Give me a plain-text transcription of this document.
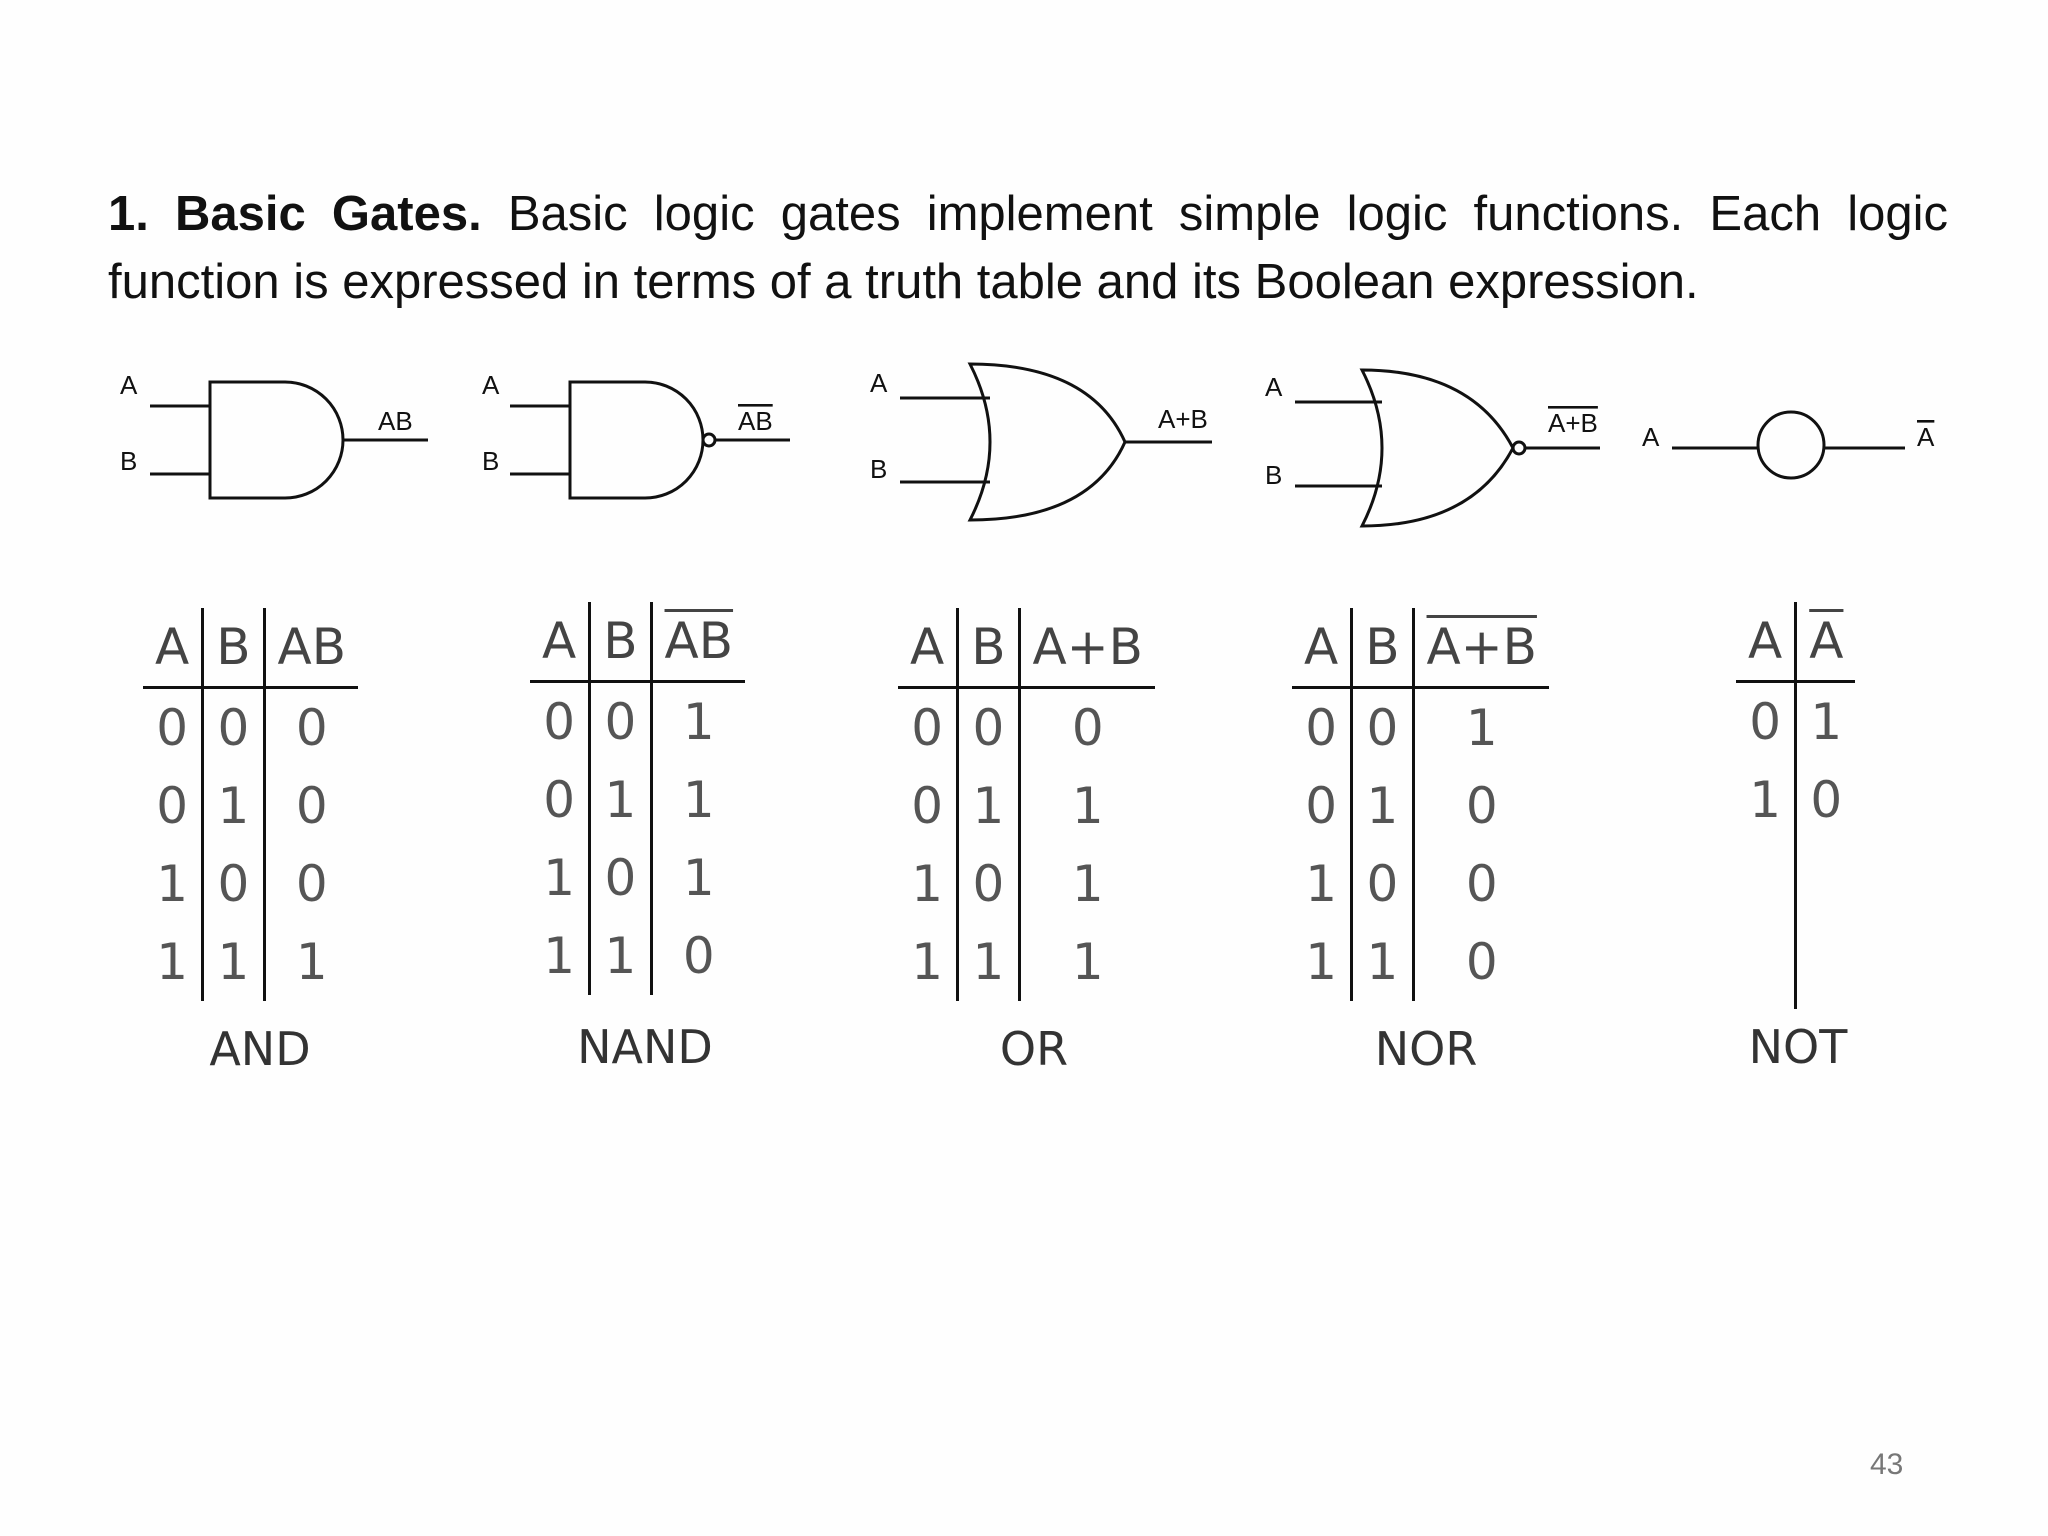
1. Basic Gates. Basic logic gates implement simple logic functions. Each logic function is expressed in terms of a truth table and its Boolean expression.
A
B
AB
A
B
AB
A
B
A+B
A
B
A+B A	A
A	B	AB
0	0	0
0	1	0
1	0	0
1	1	1
A	B	$\overline{AB}$
0	0	1
0	1	1
1	0	1
1	1	0
A	B	A+B
0	0	0
0	1	1
1	0	1
1	1	1
A	B	A+B
0	0	1
0	1	0
1	0	0
1	1	0
A	$\overline{A}$
0	1
1	0

AND	NAND	OR	NOR	NOT
43
